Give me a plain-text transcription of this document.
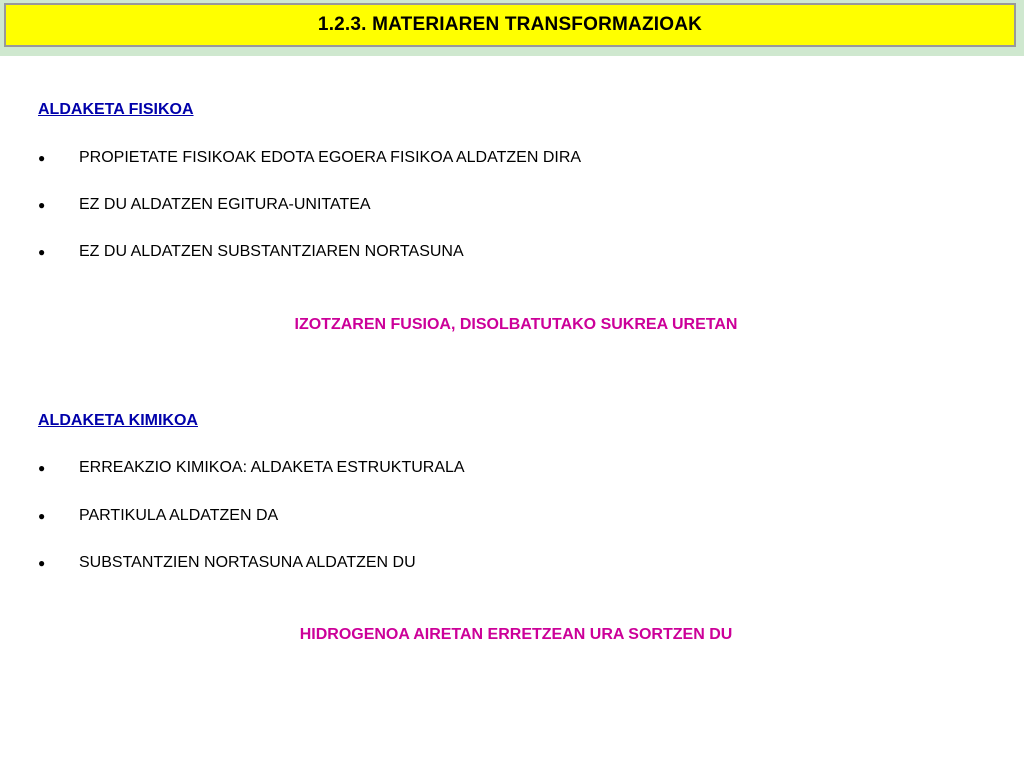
1.2.3. MATERIAREN TRANSFORMAZIOAK
ALDAKETA FISIKOA
●	PROPIETATE FISIKOAK EDOTA EGOERA FISIKOA ALDATZEN DIRA
●	EZ DU ALDATZEN EGITURA-UNITATEA
●	EZ DU ALDATZEN SUBSTANTZIAREN NORTASUNA
IZOTZAREN FUSIOA, DISOLBATUTAKO SUKREA URETAN
ALDAKETA KIMIKOA
●	ERREAKZIO KIMIKOA: ALDAKETA ESTRUKTURALA
●	PARTIKULA ALDATZEN DA
●	SUBSTANTZIEN NORTASUNA ALDATZEN DU
HIDROGENOA AIRETAN ERRETZEAN URA SORTZEN DU
